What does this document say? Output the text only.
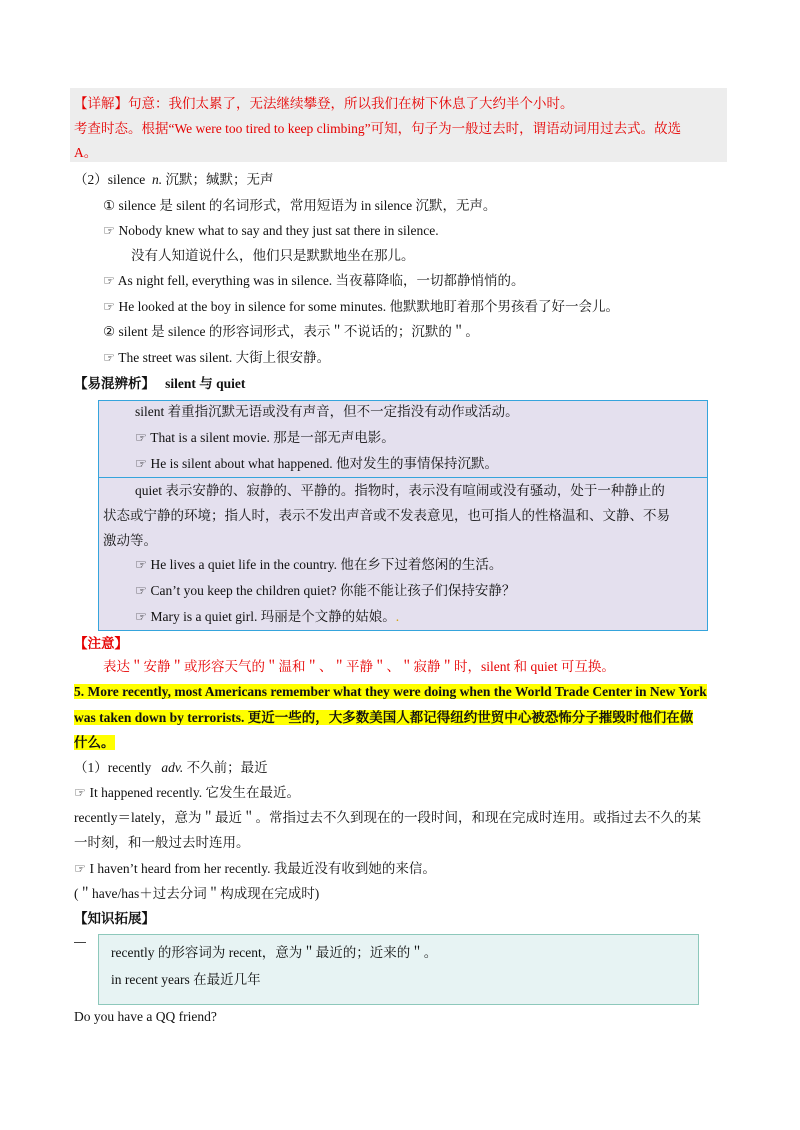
【详解】句意：我们太累了，无法继续攀登，所以我们在树下休息了大约半个小时。
考查时态。根据“We were too tired to keep climbing”可知，句子为一般过去时，谓语动词用过去式。故选
A。
（2）silence n. 沉默；缄默；无声
① silence 是 silent 的名词形式，常用短语为 in silence 沉默，无声。
☞ Nobody knew what to say and they just sat there in silence.
没有人知道说什么，他们只是默默地坐在那儿。
☞ As night fell, everything was in silence. 当夜幕降临，一切都静悄悄的。
☞ He looked at the boy in silence for some minutes. 他默默地盯着那个男孩看了好一会儿。
② silent 是 silence 的形容词形式，表示＂不说话的；沉默的＂。
☞ The street was silent. 大街上很安静。
【易混辨析】 silent 与 quiet
silent 着重指沉默无语或没有声音，但不一定指没有动作或活动。
☞ That is a silent movie. 那是一部无声电影。
☞ He is silent about what happened. 他对发生的事情保持沉默。
quiet 表示安静的、寂静的、平静的。指物时，表示没有喧闹或没有骚动，处于一种静止的
状态或宁静的环境；指人时，表示不发出声音或不发表意见，也可指人的性格温和、文静、不易
激动等。
☞ He lives a quiet life in the country. 他在乡下过着悠闲的生活。
☞ Can’t you keep the children quiet? 你能不能让孩子们保持安静？
☞ Mary is a quiet girl. 玛丽是个文静的姑娘。.
【注意】
表达＂安静＂或形容天气的＂温和＂、＂平静＂、＂寂静＂时，silent 和 quiet 可互换。
5. More recently, most Americans remember what they were doing when the World Trade Center in New York
was taken down by terrorists. 更近一些的，大多数美国人都记得纽约世贸中心被恐怖分子摧毁时他们在做
什么。
（1）recently adv. 不久前；最近
☞ It happened recently. 它发生在最近。
recently＝lately，意为＂最近＂。常指过去不久到现在的一段时间，和现在完成时连用。或指过去不久的某
一时刻，和一般过去时连用。
☞ I haven’t heard from her recently. 我最近没有收到她的来信。
(＂have/has＋过去分词＂构成现在完成时)
【知识拓展】
recently 的形容词为 recent，意为＂最近的；近来的＂。
in recent years 在最近几年
Do you have a QQ friend?
